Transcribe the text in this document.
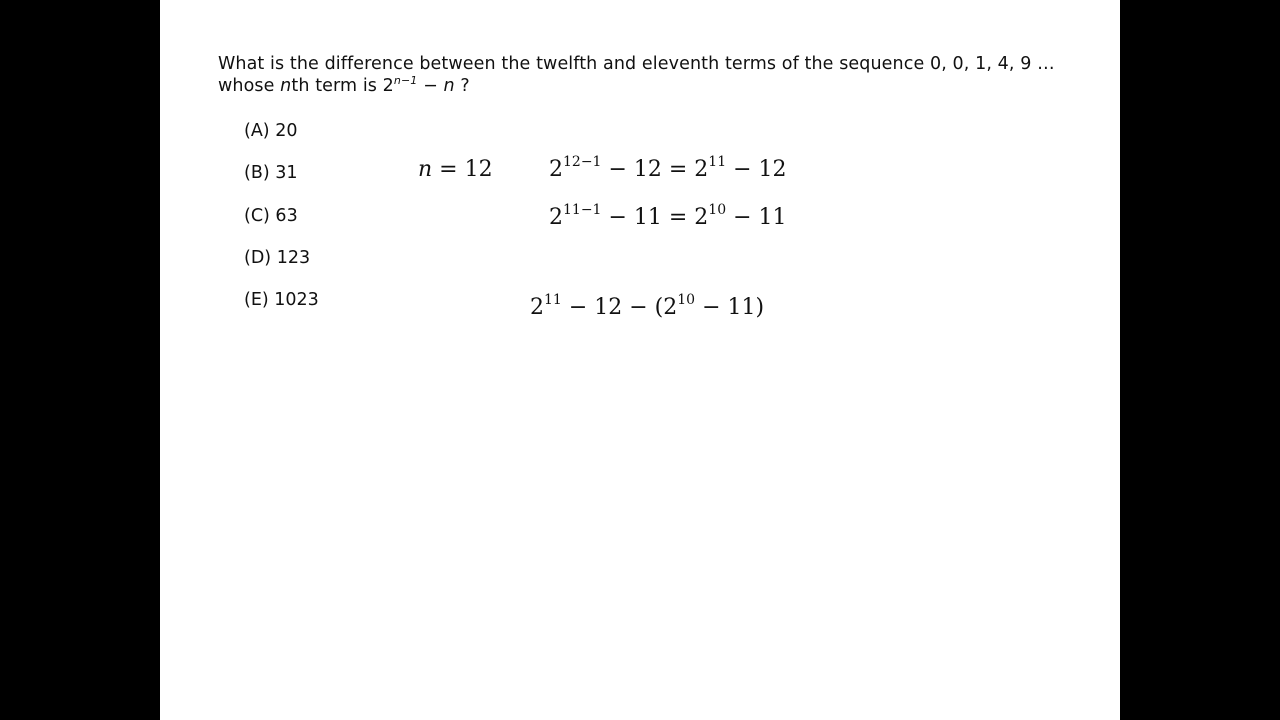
What is the difference between the twelfth and eleventh terms of the sequence 0, 0, 1, 4, 9 … whose nth term is $2^{n-1} - n$ ?
(A) 20
(B) 31
(C) 63
(D) 123
(E) 1023
n = 12	$2^{12-1} - 12 = 2^{11} - 12$
$2^{11-1} - 11 = 2^{10} - 11$
$2^{11} - 12 - (2^{10} - 11)$
